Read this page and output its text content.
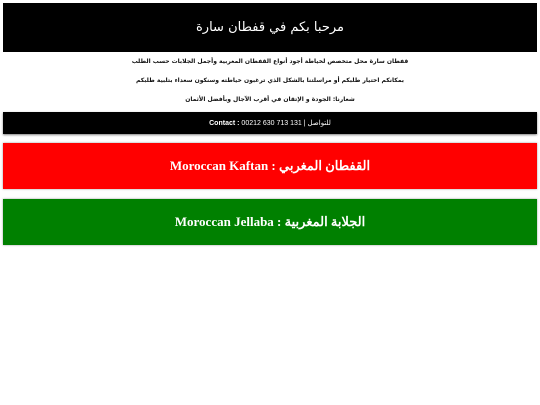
مرحبا بكم في قفطان سارة
قفطان سارة محل متخصص لخياطة أجود أنواع القفطان المغربية وأجمل الجلابات حسب الطلب
بمكانكم اختيار طلبكم أو مراسلتنا بالشكل الذي ترغبون خياطته وسنكون سعداء بتلبية طلبكم
شعارنا: الجودة و الإتقان في أقرب الآجال وبأفضل الأثمان
Contact : 00212 630 713 131 | للتواصل
Moroccan Kaftan : القفطان المغربي
Moroccan Jellaba : الجلابة المغربية
